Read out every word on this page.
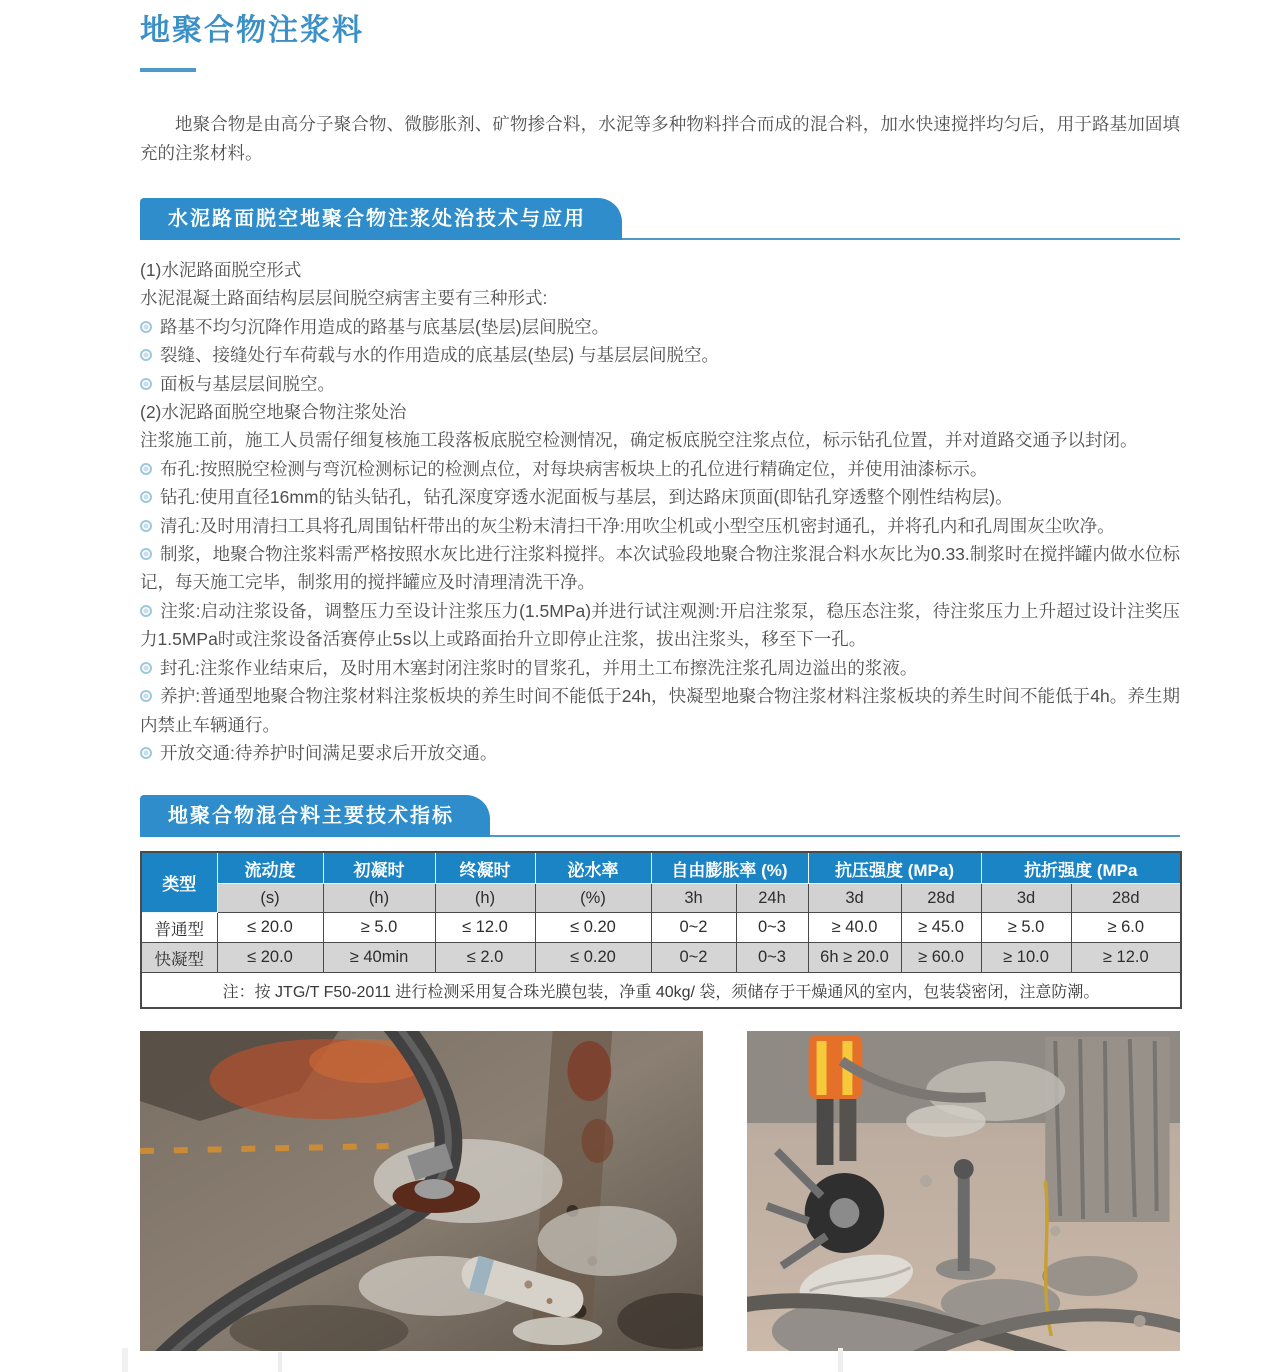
地聚合物注浆料

地聚合物是由高分子聚合物、微膨胀剂、矿物掺合料，水泥等多种物料拌合而成的混合料，加水快速搅拌均匀后，用于路基加固填充的注浆材料。

水泥路面脱空地聚合物注浆处治技术与应用

(1)水泥路面脱空形式

水泥混凝土路面结构层层间脱空病害主要有三种形式:

路基不均匀沉降作用造成的路基与底基层(垫层)层间脱空。

裂缝、接缝处行车荷载与水的作用造成的底基层(垫层) 与基层层间脱空。

面板与基层层间脱空。

(2)水泥路面脱空地聚合物注浆处治

注浆施工前，施工人员需仔细复核施工段落板底脱空检测情况，确定板底脱空注浆点位，标示钻孔位置，并对道路交通予以封闭。

布孔:按照脱空检测与弯沉检测标记的检测点位，对每块病害板块上的孔位进行精确定位，并使用油漆标示。

钻孔:使用直径16mm的钻头钻孔，钻孔深度穿透水泥面板与基层，到达路床顶面(即钻孔穿透整个刚性结构层)。

清孔:及时用清扫工具将孔周围钻杆带出的灰尘粉末清扫干净:用吹尘机或小型空压机密封通孔，并将孔内和孔周围灰尘吹净。

制浆，地聚合物注浆料需严格按照水灰比进行注浆料搅拌。本次试验段地聚合物注浆混合料水灰比为0.33.制浆时在搅拌罐内做水位标记，每天施工完毕，制浆用的搅拌罐应及时清理清洗干净。

注浆:启动注浆设备，调整压力至设计注浆压力(1.5MPa)并进行试注观测:开启注浆泵，稳压态注浆，待注浆压力上升超过设计注奖压力1.5MPa时或注浆设备活赛停止5s以上或路面抬升立即停止注浆，拔出注浆头，移至下一孔。

封孔:注浆作业结束后，及时用木塞封闭注浆时的冒浆孔，并用土工布擦洗注浆孔周边溢出的浆液。

养护:普通型地聚合物注浆材料注浆板块的养生时间不能低于24h，快凝型地聚合物注浆材料注浆板块的养生时间不能低于4h。养生期内禁止车辆通行。

开放交通:待养护时间满足要求后开放交通。

地聚合物混合料主要技术指标
类型	流动度	初凝时	终凝时	泌水率	自由膨胀率 (%)		抗压强度 (MPa)		抗折强度 (MPa	
	(s)	(h)	(h)	(%)	3h	24h	3d	28d	3d	28d
普通型	≤ 20.0	≥ 5.0	≤ 12.0	≤ 0.20	0~2	0~3	≥ 40.0	≥ 45.0	≥ 5.0	≥ 6.0
快凝型	≤ 20.0	≥ 40min	≤ 2.0	≤ 0.20	0~2	0~3	6h ≥ 20.0	≥ 60.0	≥ 10.0	≥ 12.0
注：按 JTG/T F50-2011 进行检测采用复合珠光膜包装，净重 40kg/ 袋，须储存于干燥通风的室内，包装袋密闭，注意防潮。										
